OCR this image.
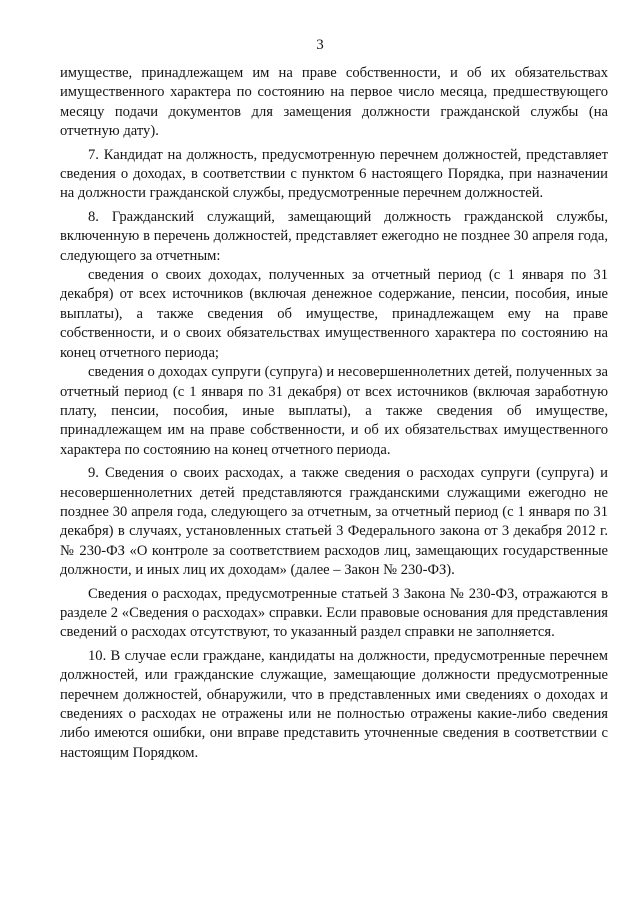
3

имуществе, принадлежащем им на праве собственности, и об их обязательствах имущественного характера по состоянию на первое число месяца, предшествующего месяцу подачи документов для замещения должности гражданской службы (на отчетную дату).

7. Кандидат на должность, предусмотренную перечнем должностей, представляет сведения о доходах, в соответствии с пунктом 6 настоящего Порядка, при назначении на должности гражданской службы, предусмотренные перечнем должностей.

8. Гражданский служащий, замещающий должность гражданской службы, включенную в перечень должностей, представляет ежегодно не позднее 30 апреля года, следующего за отчетным:

сведения о своих доходах, полученных за отчетный период (с 1 января по 31 декабря) от всех источников (включая денежное содержание, пенсии, пособия, иные выплаты), а также сведения об имуществе, принадлежащем ему на праве собственности, и о своих обязательствах имущественного характера по состоянию на конец отчетного периода;

сведения о доходах супруги (супруга) и несовершеннолетних детей, полученных за отчетный период (с 1 января по 31 декабря) от всех источников (включая заработную плату, пенсии, пособия, иные выплаты), а также сведения об имуществе, принадлежащем им на праве собственности, и об их обязательствах имущественного характера по состоянию на конец отчетного периода.

9. Сведения о своих расходах, а также сведения о расходах супруги (супруга) и несовершеннолетних детей представляются гражданскими служащими ежегодно не позднее 30 апреля года, следующего за отчетным, за отчетный период (с 1 января по 31 декабря) в случаях, установленных статьей 3 Федерального закона от 3 декабря 2012 г. № 230-ФЗ «О контроле за соответствием расходов лиц, замещающих государственные должности, и иных лиц их доходам» (далее – Закон № 230-ФЗ).

Сведения о расходах, предусмотренные статьей 3 Закона № 230-ФЗ, отражаются в разделе 2 «Сведения о расходах» справки. Если правовые основания для представления сведений о расходах отсутствуют, то указанный раздел справки не заполняется.

10. В случае если граждане, кандидаты на должности, предусмотренные перечнем должностей, или гражданские служащие, замещающие должности предусмотренные перечнем должностей, обнаружили, что в представленных ими сведениях о доходах и сведениях о расходах не отражены или не полностью отражены какие-либо сведения либо имеются ошибки, они вправе представить уточненные сведения в соответствии с настоящим Порядком.
